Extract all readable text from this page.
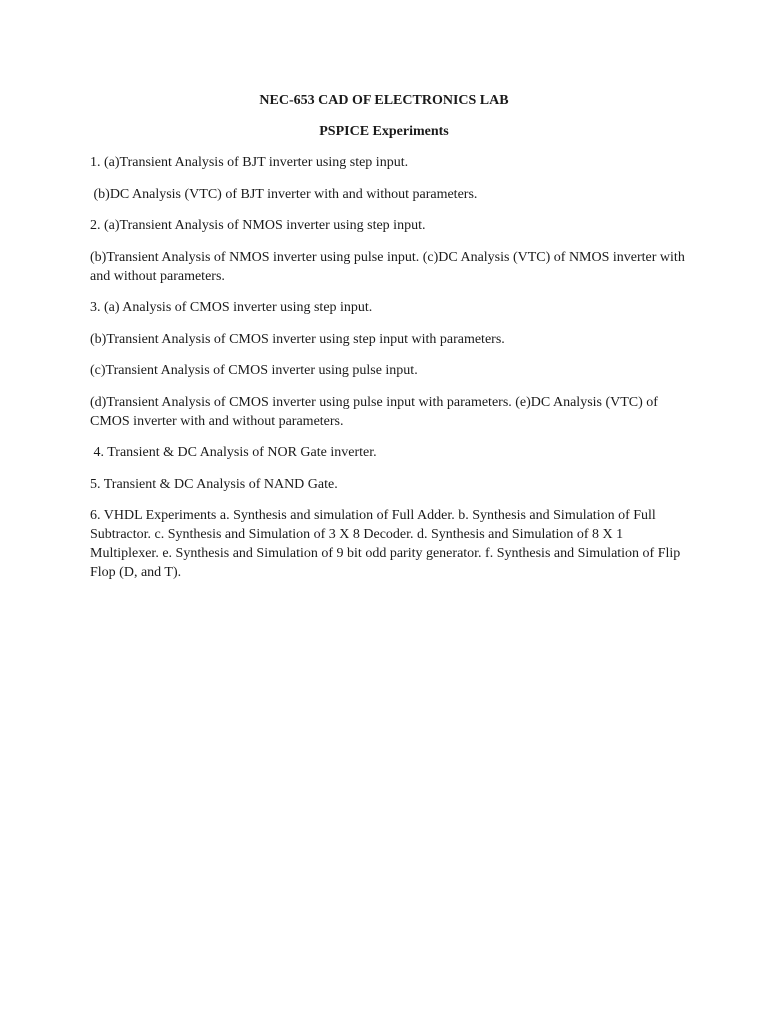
NEC-653 CAD OF ELECTRONICS LAB
PSPICE Experiments
1. (a)Transient Analysis of BJT inverter using step input.
(b)DC Analysis (VTC) of BJT inverter with and without parameters.
2. (a)Transient Analysis of NMOS inverter using step input.
(b)Transient Analysis of NMOS inverter using pulse input. (c)DC Analysis (VTC) of NMOS inverter with and without parameters.
3. (a) Analysis of CMOS inverter using step input.
(b)Transient Analysis of CMOS inverter using step input with parameters.
(c)Transient Analysis of CMOS inverter using pulse input.
(d)Transient Analysis of CMOS inverter using pulse input with parameters. (e)DC Analysis (VTC) of CMOS inverter with and without parameters.
4. Transient & DC Analysis of NOR Gate inverter.
5. Transient & DC Analysis of NAND Gate.
6. VHDL Experiments a. Synthesis and simulation of Full Adder. b. Synthesis and Simulation of Full Subtractor. c. Synthesis and Simulation of 3 X 8 Decoder. d. Synthesis and Simulation of 8 X 1 Multiplexer. e. Synthesis and Simulation of 9 bit odd parity generator. f. Synthesis and Simulation of Flip Flop (D, and T).
